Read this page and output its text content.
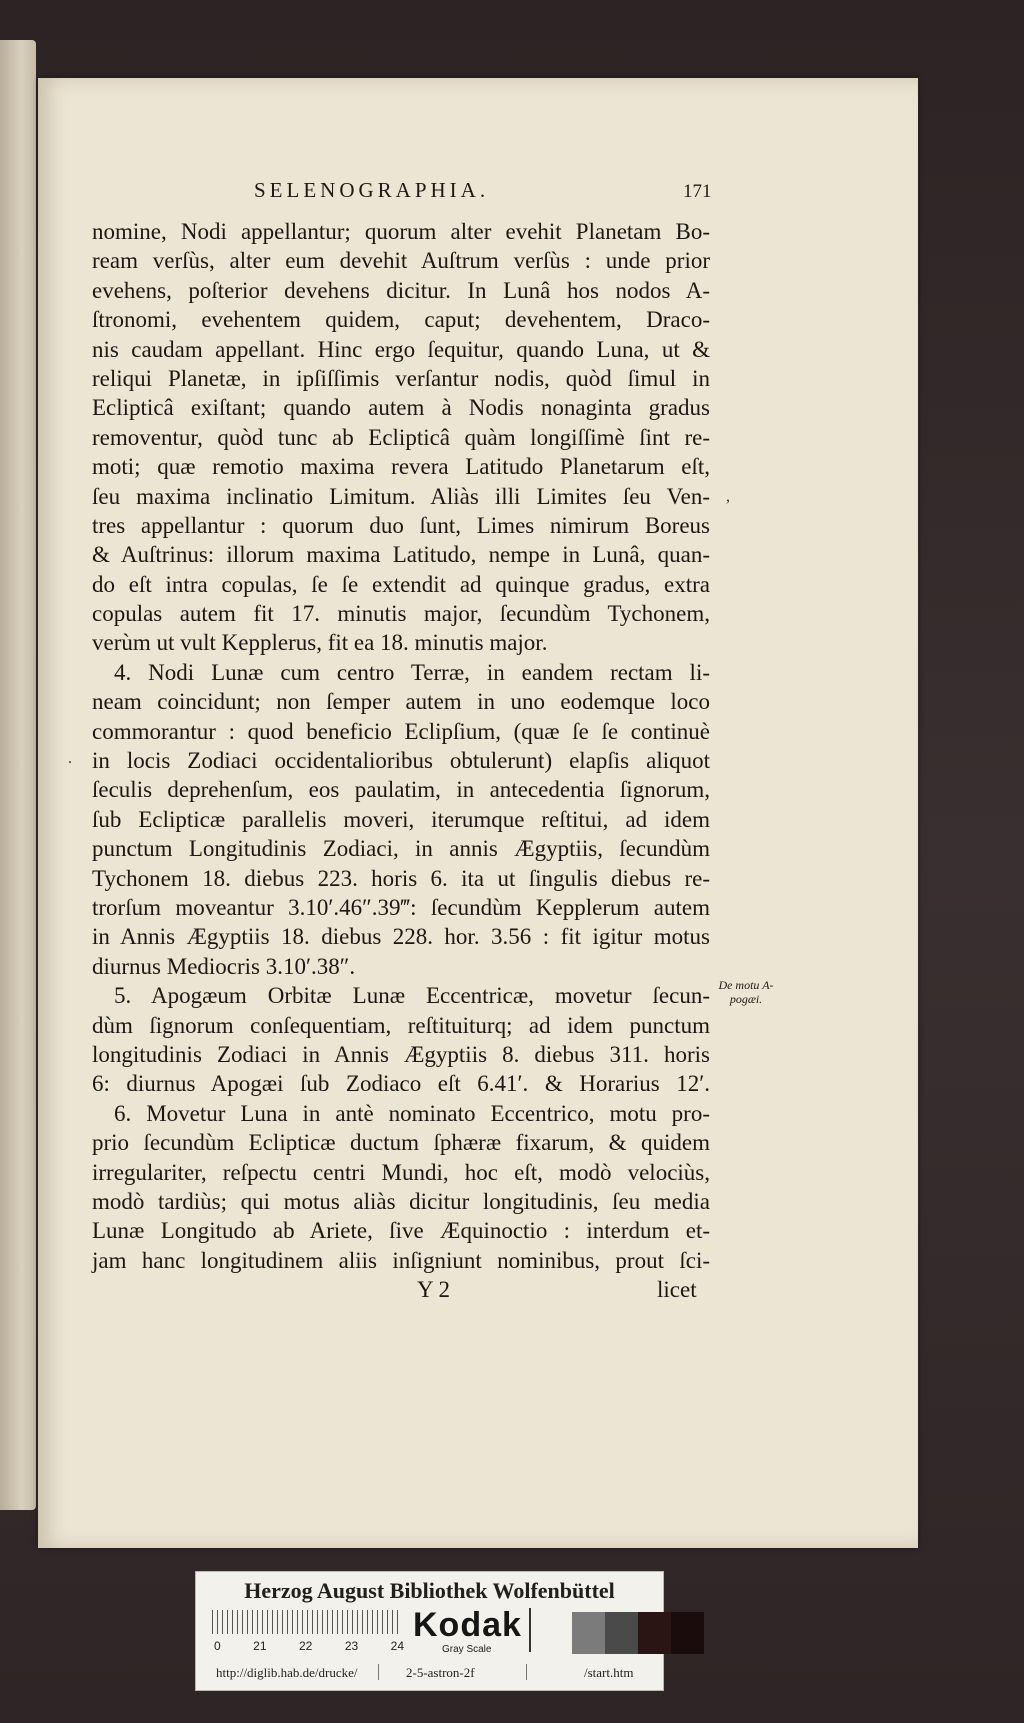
SELENOGRAPHIA.	171
nomine, Nodi appellantur; quorum alter evehit Planetam Bo-
ream verſùs, alter eum devehit Auſtrum verſùs : unde prior
evehens, poſterior devehens dicitur. In Lunâ hos nodos A-
ſtronomi, evehentem quidem, caput; devehentem, Draco-
nis caudam appellant. Hinc ergo ſequitur, quando Luna, ut &
reliqui Planetæ, in ipſiſſimis verſantur nodis, quòd ſimul in
Eclipticâ exiſtant; quando autem à Nodis nonaginta gradus
removentur, quòd tunc ab Eclipticâ quàm longiſſimè ſint re-
moti; quæ remotio maxima revera Latitudo Planetarum eſt,
ſeu maxima inclinatio Limitum. Aliàs illi Limites ſeu Ven-
tres appellantur : quorum duo ſunt, Limes nimirum Boreus
& Auſtrinus: illorum maxima Latitudo, nempe in Lunâ, quan-
do eſt intra copulas, ſe ſe extendit ad quinque gradus, extra
copulas autem fit 17. minutis major, ſecundùm Tychonem,
verùm ut vult Kepplerus, fit ea 18. minutis major.
4. Nodi Lunæ cum centro Terræ, in eandem rectam li-
neam coincidunt; non ſemper autem in uno eodemque loco
commorantur : quod beneficio Eclipſium, (quæ ſe ſe continuè
in locis Zodiaci occidentalioribus obtulerunt) elapſis aliquot
ſeculis deprehenſum, eos paulatim, in antecedentia ſignorum,
ſub Eclipticæ parallelis moveri, iterumque reſtitui, ad idem
punctum Longitudinis Zodiaci, in annis Ægyptiis, ſecundùm
Tychonem 18. diebus 223. horis 6. ita ut ſingulis diebus re-
trorſum moveantur 3.10′.46″.39‴: ſecundùm Kepplerum autem
in Annis Ægyptiis 18. diebus 228. hor. 3.56 : fit igitur motus
diurnus Mediocris 3.10′.38″.
5. Apogæum Orbitæ Lunæ Eccentricæ, movetur ſecun-
dùm ſignorum conſequentiam, reſtituiturq; ad idem punctum
longitudinis Zodiaci in Annis Ægyptiis 8. diebus 311. horis
6: diurnus Apogæi ſub Zodiaco eſt 6.41′. & Horarius 12′.
6. Movetur Luna in antè nominato Eccentrico, motu pro-
prio ſecundùm Eclipticæ ductum ſphæræ fixarum, & quidem
irregulariter, reſpectu centri Mundi, hoc eſt, modò velociùs,
modò tardiùs; qui motus aliàs dicitur longitudinis, ſeu media
Lunæ Longitudo ab Ariete, ſive Æquinoctio : interdum et-
jam hanc longitudinem aliis inſigniunt nominibus, prout ſci-
Y 2	licet
,
.
De motu A-pogæi.
Herzog August Bibliothek Wolfenbüttel
0	21	22	23	24
Kodak
Gray Scale
http://diglib.hab.de/drucke/	2-5-astron-2f	/start.htm
